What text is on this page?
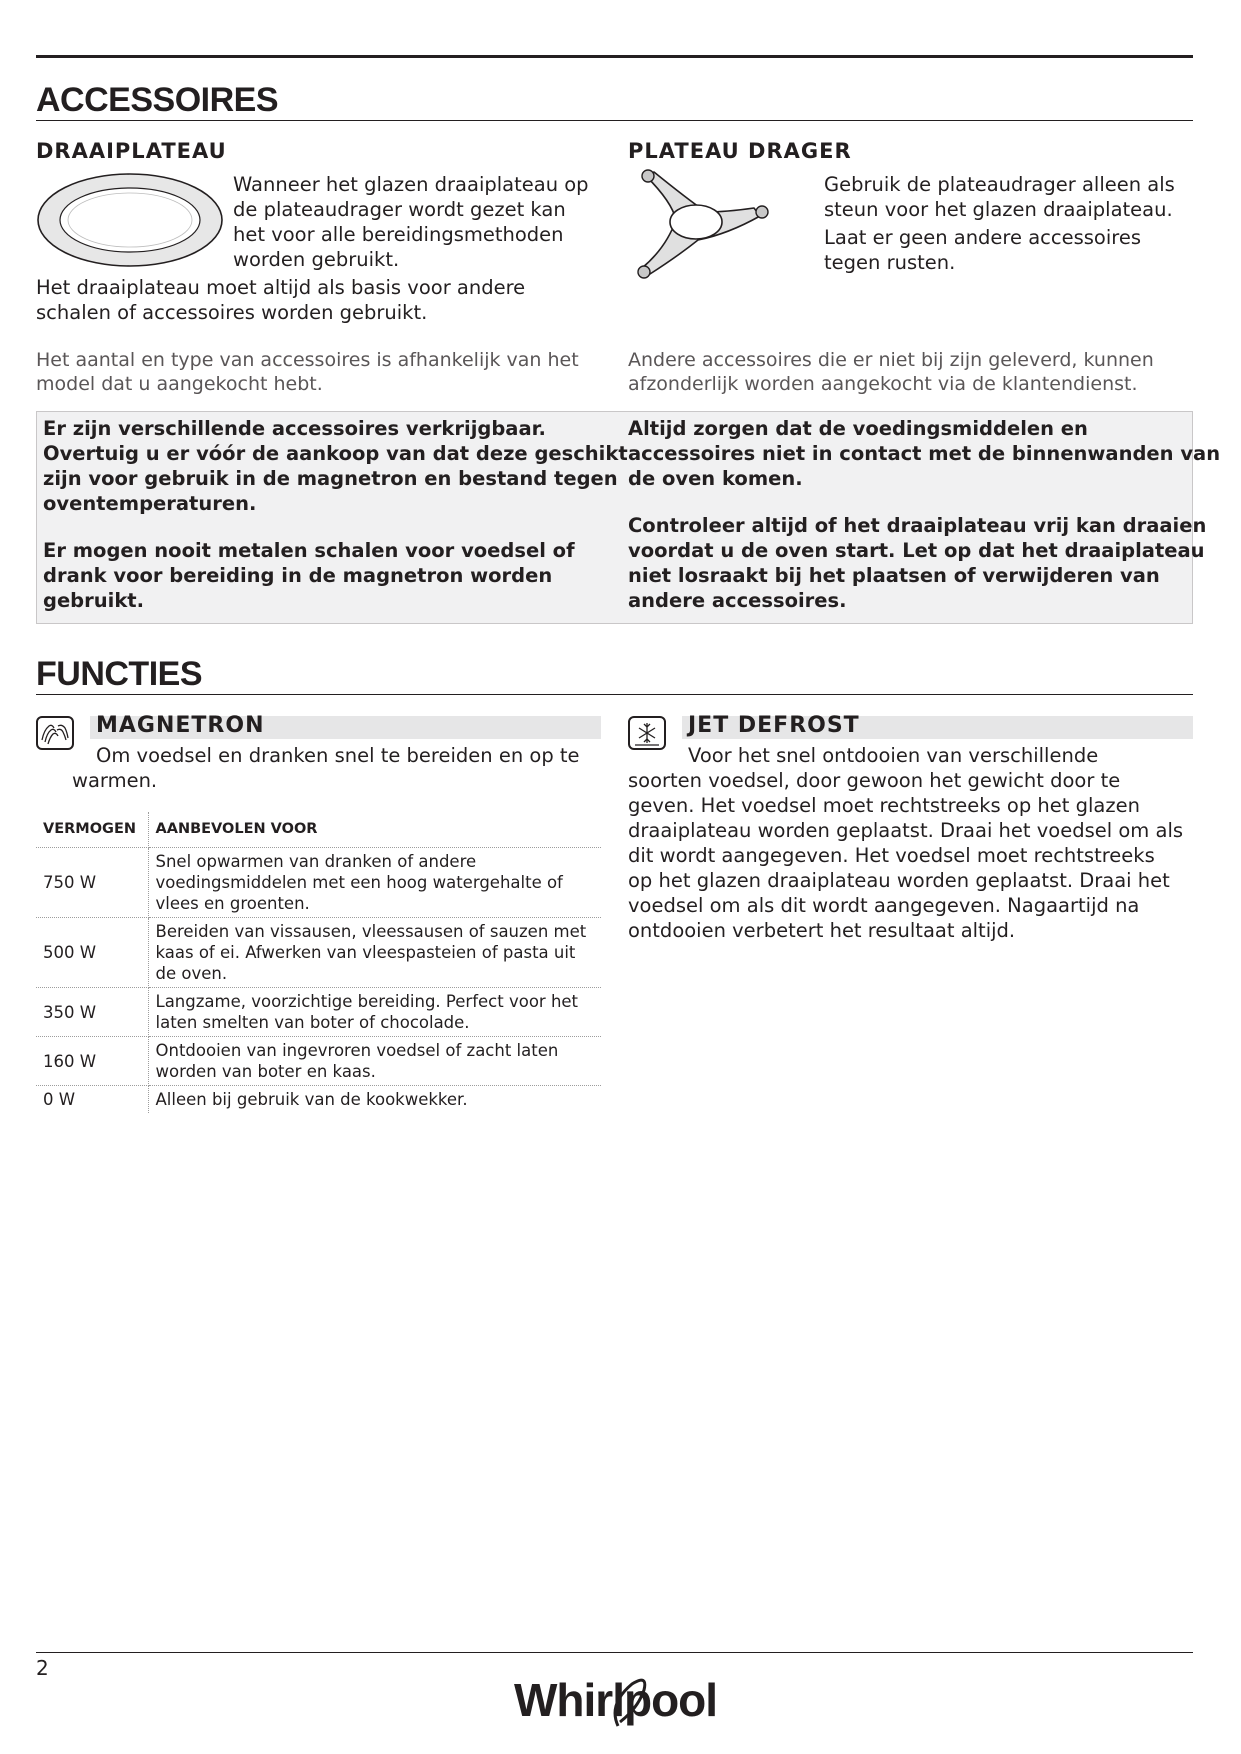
ACCESSOIRES
DRAAIPLATEAU
Wanneer het glazen draaiplateau op
de plateaudrager wordt gezet kan
het voor alle bereidingsmethoden
worden gebruikt.
Het draaiplateau moet altijd als basis voor andere
schalen of accessoires worden gebruikt.
PLATEAU DRAGER
Gebruik de plateaudrager alleen als
steun voor het glazen draaiplateau.
Laat er geen andere accessoires
tegen rusten.
Het aantal en type van accessoires is afhankelijk van het
model dat u aangekocht hebt.
Andere accessoires die er niet bij zijn geleverd, kunnen
afzonderlijk worden aangekocht via de klantendienst.
Er zijn verschillende accessoires verkrijgbaar.
Overtuig u er vóór de aankoop van dat deze geschikt
zijn voor gebruik in de magnetron en bestand tegen
oventemperaturen.
Er mogen nooit metalen schalen voor voedsel of
drank voor bereiding in de magnetron worden
gebruikt.
Altijd zorgen dat de voedingsmiddelen en
accessoires niet in contact met de binnenwanden van
de oven komen.
Controleer altijd of het draaiplateau vrij kan draaien
voordat u de oven start. Let op dat het draaiplateau
niet losraakt bij het plaatsen of verwijderen van
andere accessoires.
FUNCTIES
MAGNETRON
Om voedsel en dranken snel te bereiden en op te
warmen.
VERMOGEN	AANBEVOLEN VOOR
750 W	Snel opwarmen van dranken of andere voedingsmiddelen met een hoog watergehalte of vlees en groenten.
500 W	Bereiden van vissausen, vleessausen of sauzen met kaas of ei. Afwerken van vleespasteien of pasta uit de oven.
350 W	Langzame, voorzichtige bereiding. Perfect voor het laten smelten van boter of chocolade.
160 W	Ontdooien van ingevroren voedsel of zacht laten worden van boter en kaas.
0 W	Alleen bij gebruik van de kookwekker.
JET DEFROST
Voor het snel ontdooien van verschillende
soorten voedsel, door gewoon het gewicht door te
geven. Het voedsel moet rechtstreeks op het glazen
draaiplateau worden geplaatst. Draai het voedsel om als
dit wordt aangegeven. Het voedsel moet rechtstreeks
op het glazen draaiplateau worden geplaatst. Draai het
voedsel om als dit wordt aangegeven. Nagaartijd na
ontdooien verbetert het resultaat altijd.
2
Whirlpool
